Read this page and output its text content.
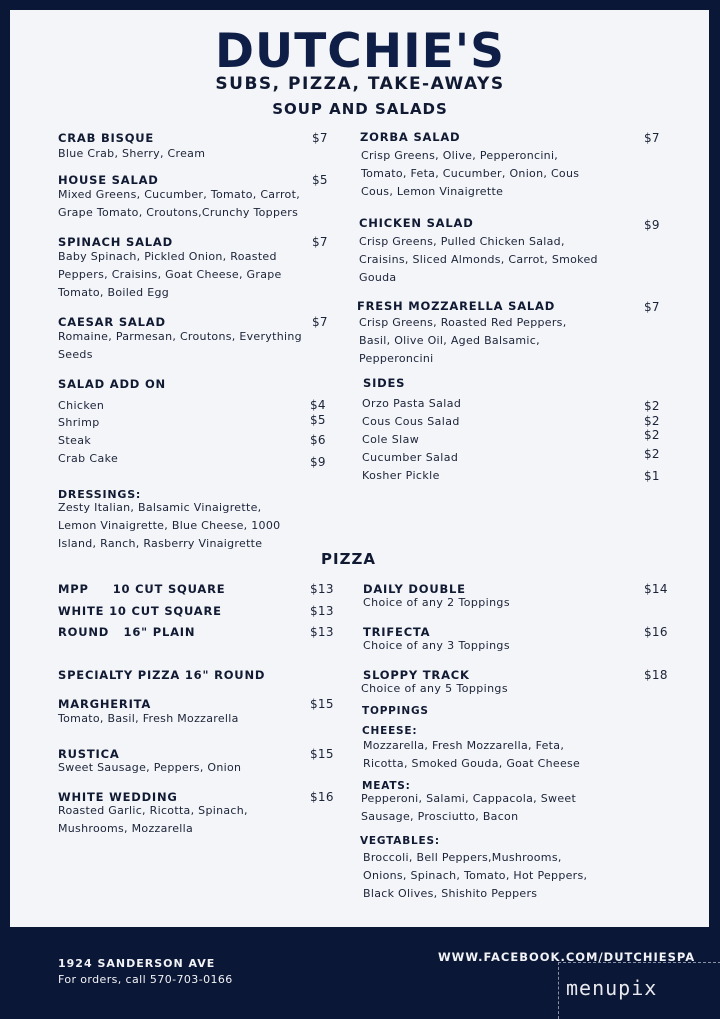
DUTCHIE'S
SUBS, PIZZA, TAKE-AWAYS
SOUP AND SALADS
CRAB BISQUE	$7
Blue Crab, Sherry, Cream
HOUSE SALAD	$5
Mixed Greens, Cucumber, Tomato, Carrot, Grape Tomato, Croutons,Crunchy Toppers
SPINACH SALAD	$7
Baby Spinach, Pickled Onion, Roasted Peppers, Craisins, Goat Cheese, Grape Tomato, Boiled Egg
CAESAR SALAD	$7
Romaine, Parmesan, Croutons, Everything Seeds
ZORBA SALAD	$7
Crisp Greens, Olive, Pepperoncini, Tomato, Feta, Cucumber, Onion, Cous Cous, Lemon Vinaigrette
CHICKEN SALAD	$9
Crisp Greens, Pulled Chicken Salad, Craisins, Sliced Almonds, Carrot, Smoked Gouda
FRESH MOZZARELLA SALAD	$7
Crisp Greens, Roasted Red Peppers, Basil, Olive Oil, Aged Balsamic, Pepperoncini
SALAD ADD ON
Chicken	$4
Shrimp	$5
Steak	$6
Crab Cake	$9
SIDES
Orzo Pasta Salad	$2
Cous Cous Salad	$2
Cole Slaw	$2
Cucumber Salad	$2
Kosher Pickle	$1
DRESSINGS:
Zesty Italian, Balsamic Vinaigrette, Lemon Vinaigrette, Blue Cheese, 1000 Island, Ranch, Rasberry Vinaigrette
PIZZA
MPP     10 CUT SQUARE	$13
WHITE 10 CUT SQUARE	$13
ROUND   16" PLAIN	$13
SPECIALTY PIZZA 16" ROUND
MARGHERITA	$15
Tomato, Basil, Fresh Mozzarella
RUSTICA	$15
Sweet Sausage, Peppers, Onion
WHITE WEDDING	$16
Roasted Garlic, Ricotta, Spinach, Mushrooms, Mozzarella
DAILY DOUBLE	$14
Choice of any 2 Toppings
TRIFECTA	$16
Choice of any 3 Toppings
SLOPPY TRACK	$18
Choice of any 5 Toppings
TOPPINGS
CHEESE:
Mozzarella, Fresh Mozzarella, Feta, Ricotta, Smoked Gouda, Goat Cheese
MEATS:
Pepperoni, Salami, Cappacola, Sweet Sausage, Prosciutto, Bacon
VEGTABLES:
Broccoli, Bell Peppers,Mushrooms, Onions, Spinach, Tomato, Hot Peppers, Black Olives, Shishito Peppers
1924 SANDERSON AVE
For orders, call 570-703-0166
WWW.FACEBOOK.COM/DUTCHIESPA
menupix
